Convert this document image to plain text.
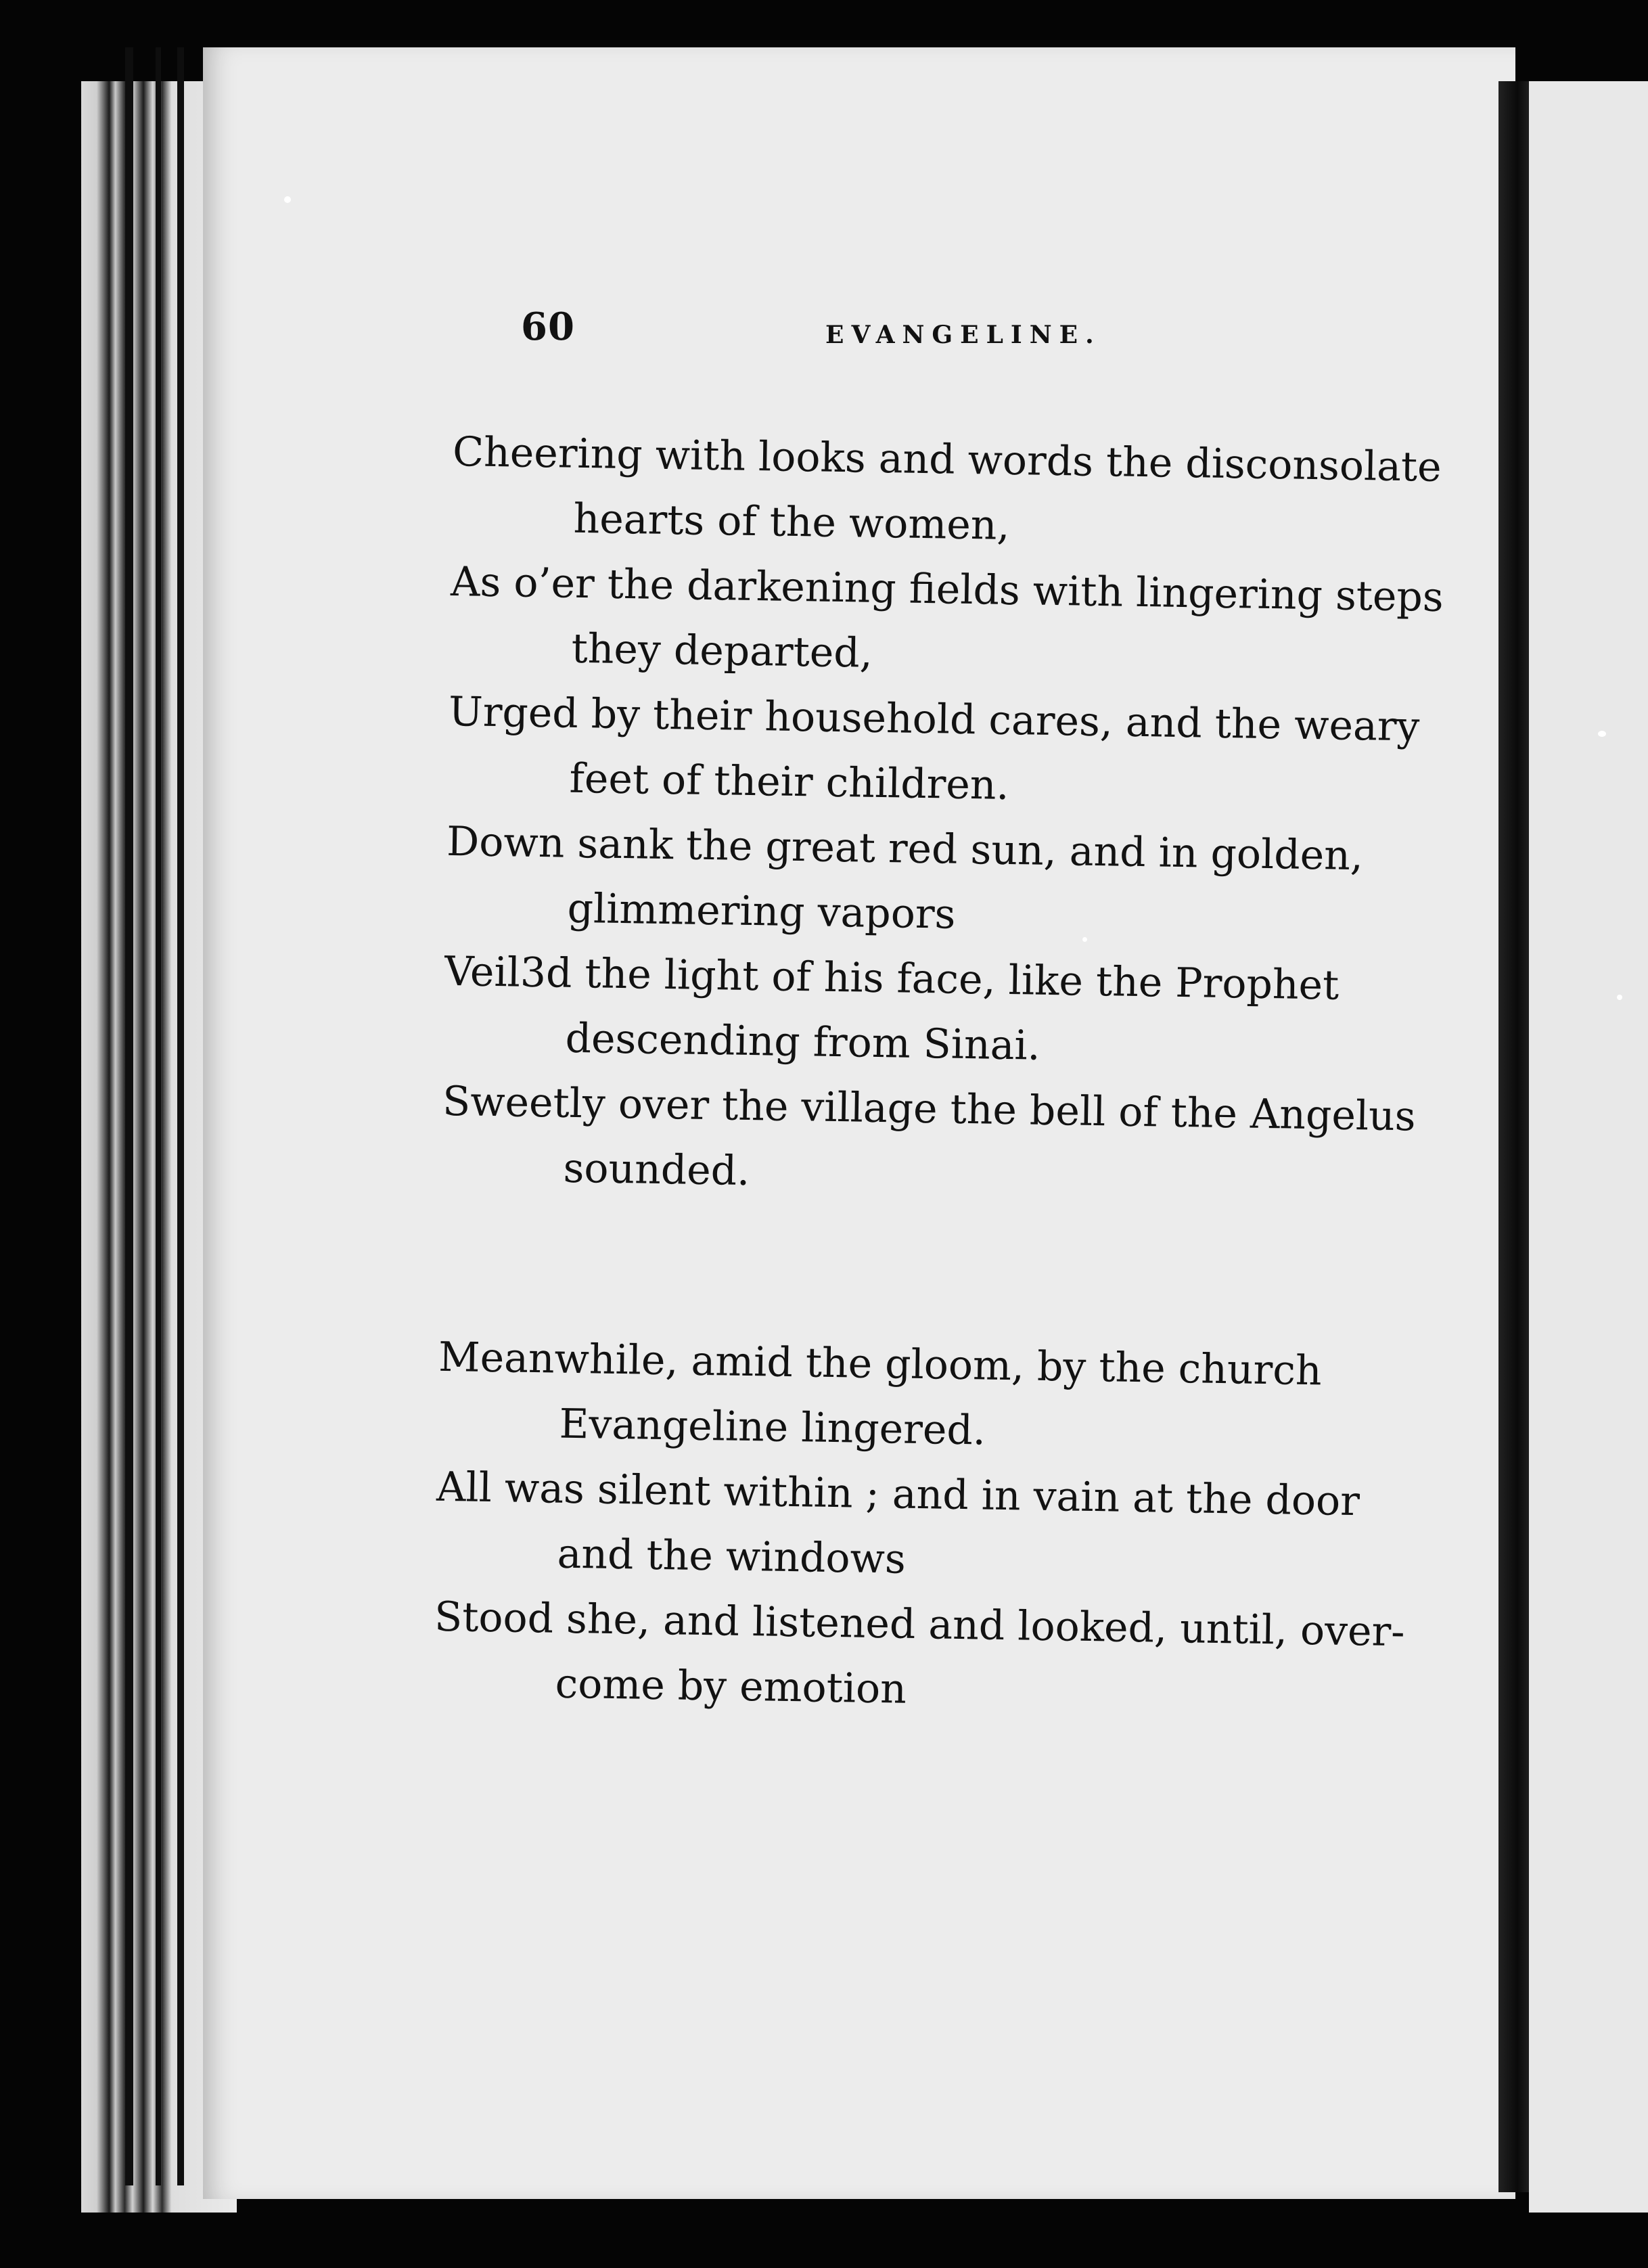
60	EVANGELINE.

Cheering with looks and words the disconsolate
hearts of the women,

As o’er the darkening fields with lingering steps
they departed,

Urged by their household cares, and the weary
feet of their children.

Down sank the great red sun, and in golden,
glimmering vapors

Veil3d the light of his face, like the Prophet
descending from Sinai.

Sweetly over the village the bell of the Angelus
sounded.

Meanwhile, amid the gloom, by the church
Evangeline lingered.

All was silent within ; and in vain at the door
and the windows

Stood she, and listened and looked, until, over-
come by emotion
